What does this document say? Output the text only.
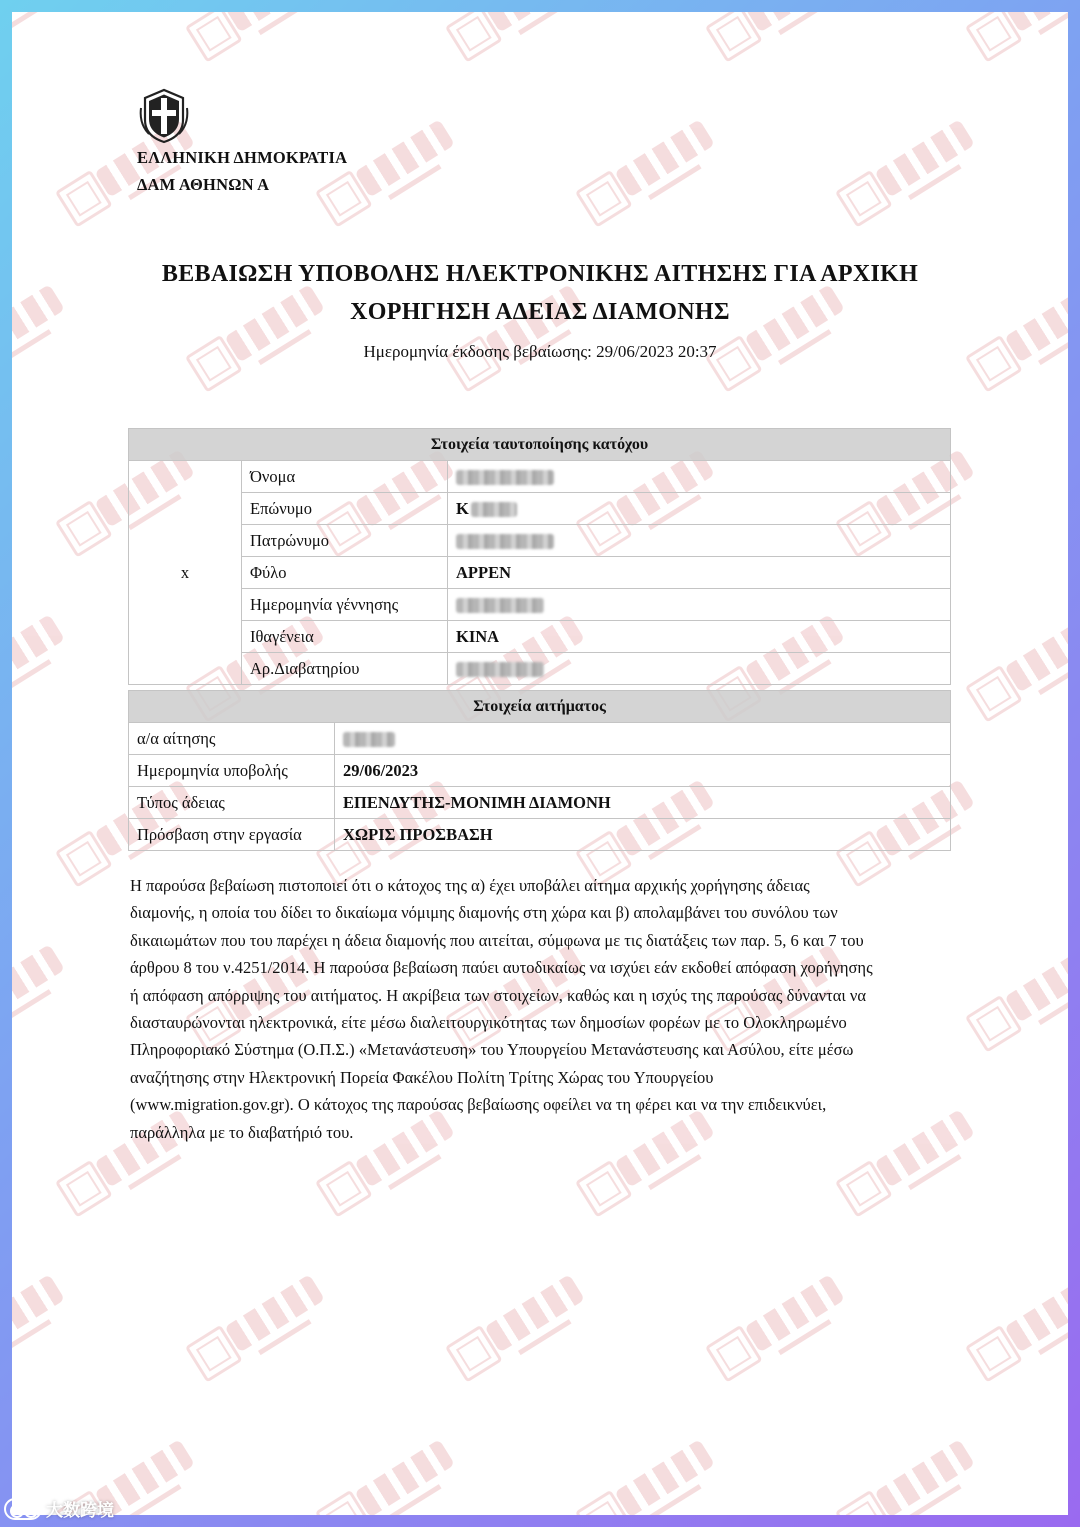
ΕΛΛΗΝΙΚΗ ΔΗΜΟΚΡΑΤΙΑ
ΔΑΜ ΑΘΗΝΩΝ Α
ΒΕΒΑΙΩΣΗ ΥΠΟΒΟΛΗΣ ΗΛΕΚΤΡΟΝΙΚΗΣ ΑΙΤΗΣΗΣ ΓΙΑ ΑΡΧΙΚΗ
ΧΟΡΗΓΗΣΗ ΑΔΕΙΑΣ ΔΙΑΜΟΝΗΣ
Ημερομηνία έκδοσης βεβαίωσης: 29/06/2023 20:37
Στοιχεία ταυτοποίησης κατόχου		
x	Όνομα	
	Επώνυμο	K
	Πατρώνυμο	
	Φύλο	ΑΡΡΕΝ
	Ημερομηνία γέννησης	
	Ιθαγένεια	ΚΙΝΑ
	Αρ.Διαβατηρίου	
Στοιχεία αιτήματος	
α/α αίτησης	
Ημερομηνία υποβολής	29/06/2023
Τύπος άδειας	ΕΠΕΝΔΥΤΗΣ-ΜΟΝΙΜΗ ΔΙΑΜΟΝΗ
Πρόσβαση στην εργασία	ΧΩΡΙΣ ΠΡΟΣΒΑΣΗ

Η παρούσα βεβαίωση πιστοποιεί ότι ο κάτοχος της α) έχει υποβάλει αίτημα αρχικής χορήγησης άδειας
διαμονής, η οποία του δίδει το δικαίωμα νόμιμης διαμονής στη χώρα και β) απολαμβάνει του συνόλου των
δικαιωμάτων που του παρέχει η άδεια διαμονής που αιτείται, σύμφωνα με τις διατάξεις των παρ. 5, 6 και 7 του
άρθρου 8 του ν.4251/2014. Η παρούσα βεβαίωση παύει αυτοδικαίως να ισχύει εάν εκδοθεί απόφαση χορήγησης
ή απόφαση απόρριψης του αιτήματος. Η ακρίβεια των στοιχείων, καθώς και η ισχύς της παρούσας δύνανται να
διασταυρώνονται ηλεκτρονικά, είτε μέσω διαλειτουργικότητας των δημοσίων φορέων με το Ολοκληρωμένο
Πληροφοριακό Σύστημα (Ο.Π.Σ.) «Μετανάστευση» του Υπουργείου Μετανάστευσης και Ασύλου, είτε μέσω
αναζήτησης στην Ηλεκτρονική Πορεία Φακέλου Πολίτη Τρίτης Χώρας του Υπουργείου
(www.migration.gov.gr). Ο κάτοχος της παρούσας βεβαίωσης οφείλει να τη φέρει και να την επιδεικνύει,
παράλληλα με το διαβατήριό του.

大数跨境
